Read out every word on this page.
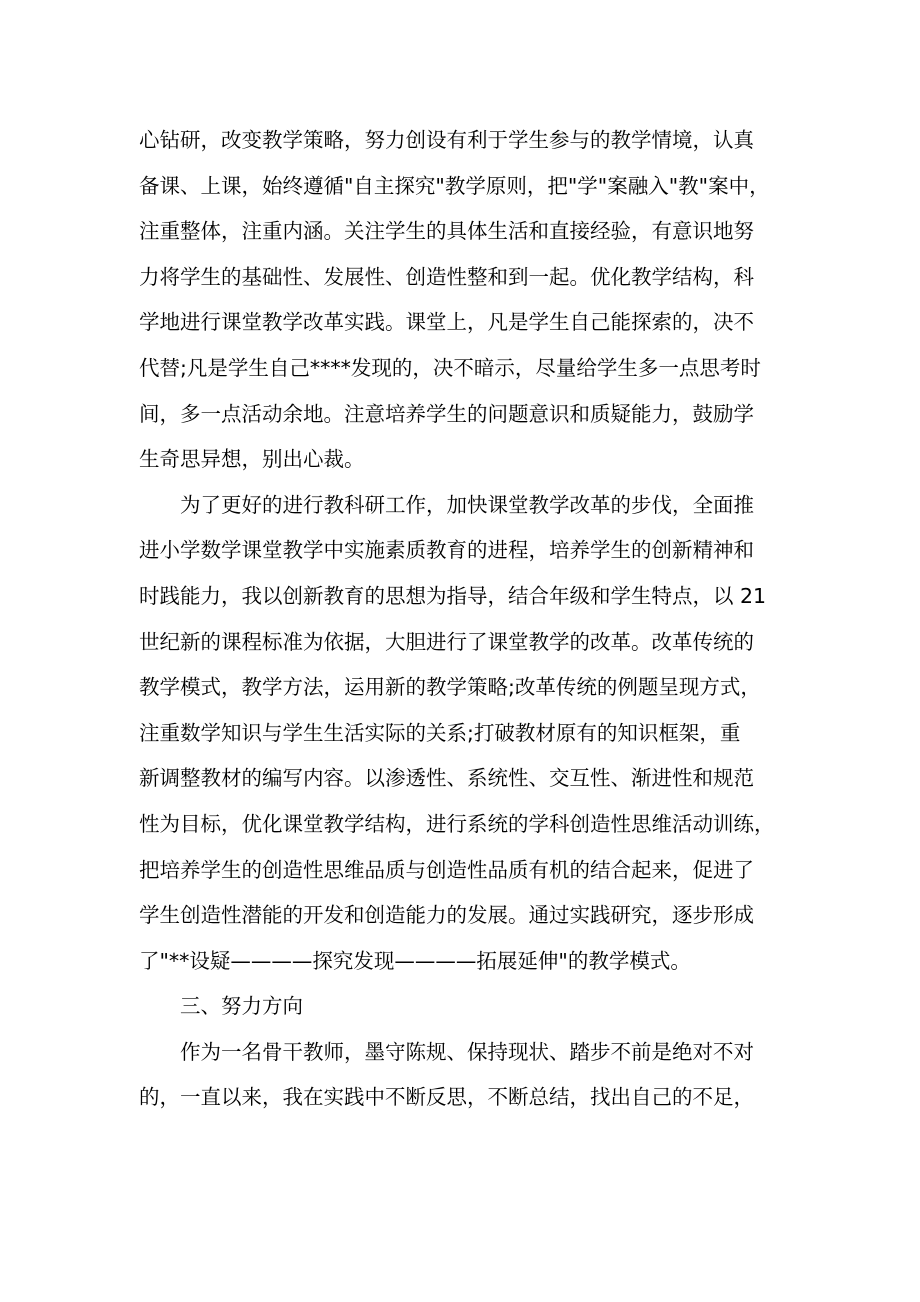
心钻研，改变教学策略，努力创设有利于学生参与的教学情境，认真
备课、上课，始终遵循"自主探究"教学原则，把"学"案融入"教"案中，
注重整体，注重内涵。关注学生的具体生活和直接经验，有意识地努
力将学生的基础性、发展性、创造性整和到一起。优化教学结构，科
学地进行课堂教学改革实践。课堂上，凡是学生自己能探索的，决不
代替;凡是学生自己****发现的，决不暗示，尽量给学生多一点思考时
间，多一点活动余地。注意培养学生的问题意识和质疑能力，鼓励学
生奇思异想，别出心裁。
为了更好的进行教科研工作，加快课堂教学改革的步伐，全面推
进小学数学课堂教学中实施素质教育的进程，培养学生的创新精神和
时践能力，我以创新教育的思想为指导，结合年级和学生特点，以 21
世纪新的课程标准为依据，大胆进行了课堂教学的改革。改革传统的
教学模式，教学方法，运用新的教学策略;改革传统的例题呈现方式，
注重数学知识与学生生活实际的关系;打破教材原有的知识框架，重
新调整教材的编写内容。以渗透性、系统性、交互性、渐进性和规范
性为目标，优化课堂教学结构，进行系统的学科创造性思维活动训练，
把培养学生的创造性思维品质与创造性品质有机的结合起来，促进了
学生创造性潜能的开发和创造能力的发展。通过实践研究，逐步形成
了"**设疑————探究发现————拓展延伸"的教学模式。
三、努力方向
作为一名骨干教师，墨守陈规、保持现状、踏步不前是绝对不对
的，一直以来，我在实践中不断反思，不断总结，找出自己的不足，
